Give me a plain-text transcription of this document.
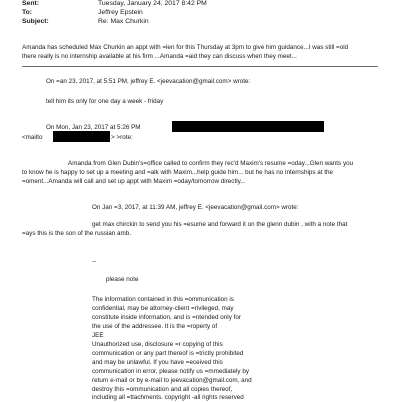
Sent:	Tuesday, January 24, 2017 8:42 PM
To:	Jeffrey Epstein
Subject:	Re: Max Churkin
Amanda has scheduled Max Churkin an appt with =len for this Thursday at 3pm to give him guidance...I was still =old
there really is no internship available at his firm ...Amanda =aid they can discuss when they meet...
On =an 23, 2017, at 5:51 PM, jeffrey E. <jeevacation@gmail.com> wrote:
tell him its only for one day a week - friday
On Mon, Jan 23, 2017 at 5:26 PM
<mailto	> >rote:
Amanda from Glen Dubin's=office called to confirm they rec'd Maxim's resume =oday...Glen wants you
to know he is happy to set up a meeting and =alk with Maxim...help guide him... but he has no internships at the
=oment...Amanda will call and set up appt with Maxim =oday/tomorrow directly...
On Jan =3, 2017, at 11:39 AM, jeffrey E. <jeevacation@gmail.com> wrote:
get max chirckin to send you his =esume and forward it on the glenn dubin , with a note that
=ays this is the son of the russian amb.
--
please note
The information contained in this =ommunication is
confidential, may be attorney-client =rivileged, may
constitute inside information, and is =ntended only for
the use of the addressee. It is the =roperty of
JEE
Unauthorized use, disclosure =r copying of this
communication or any part thereof is =trictly prohibited
and may be unlawful. If you have =eceived this
communication in error, please notify us =mmediately by
return e-mail or by e-mail to jeevacation@gmail.com, and
destroy this =ommunication and all copies thereof,
including all =ttachments. copyright -all rights reserved
